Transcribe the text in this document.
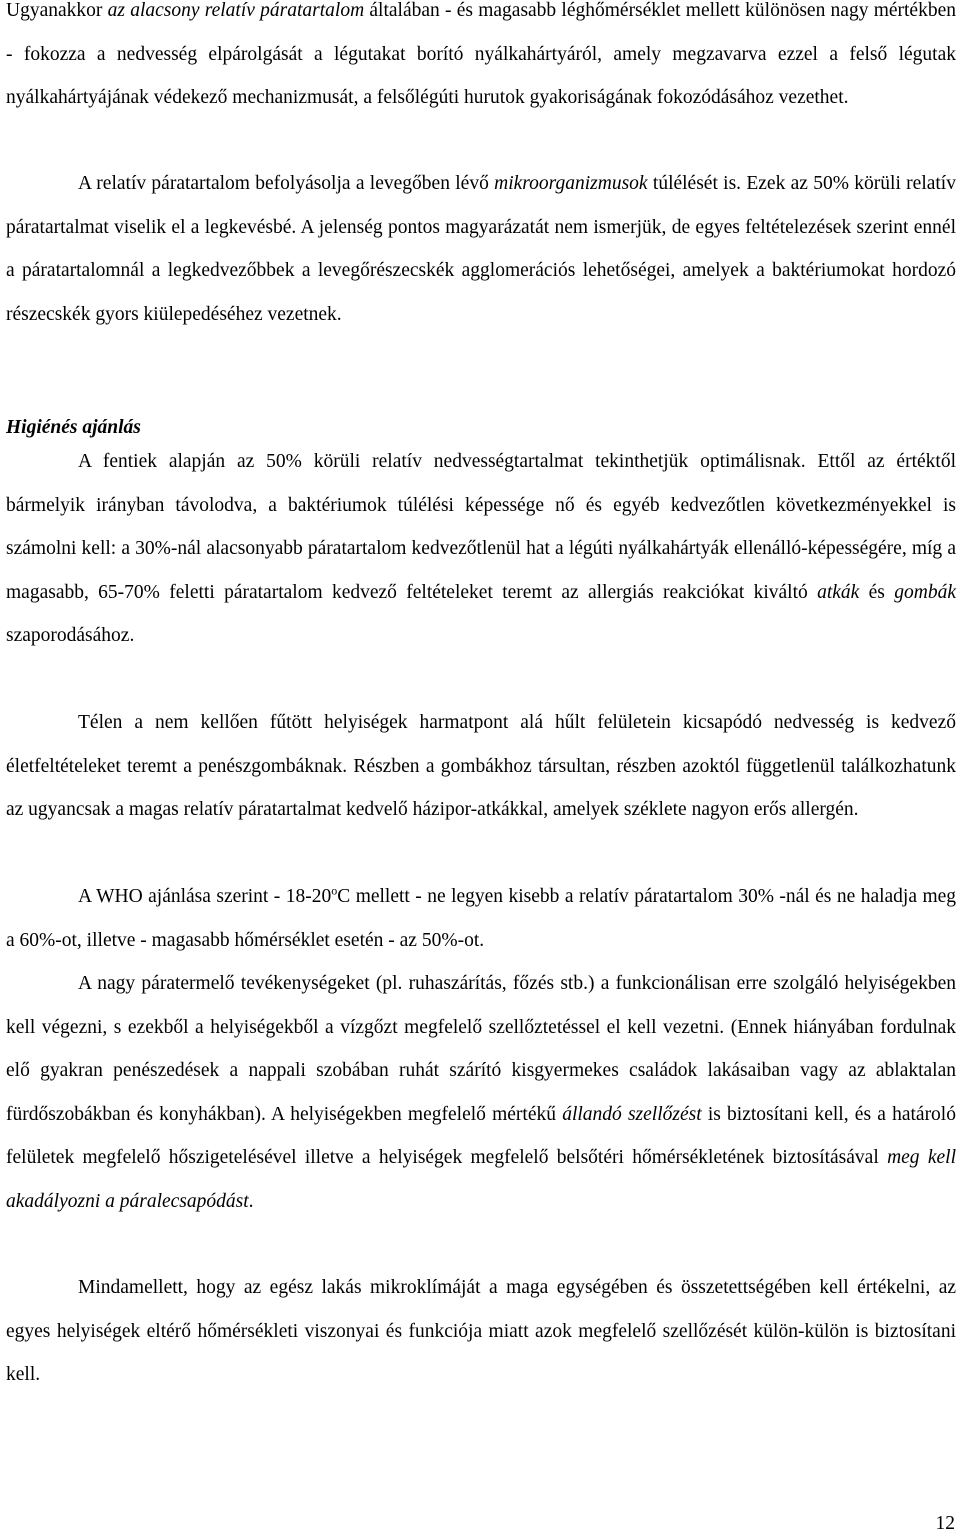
Ugyanakkor az alacsony relatív páratartalom általában - és magasabb léghőmérséklet mellett különösen nagy mértékben - fokozza a nedvesség elpárolgását a légutakat borító nyálkahártyáról, amely megzavarva ezzel a felső légutak nyálkahártyájának védekező mechanizmusát, a felsőlégúti hurutok gyakoriságának fokozódásához vezethet.

A relatív páratartalom befolyásolja a levegőben lévő mikroorganizmusok túlélését is. Ezek az 50% körüli relatív páratartalmat viselik el a legkevésbé. A jelenség pontos magyarázatát nem ismerjük, de egyes feltételezések szerint ennél a páratartalomnál a legkedvezőbbek a levegőrészecskék agglomerációs lehetőségei, amelyek a baktériumokat hordozó részecskék gyors kiülepedéséhez vezetnek.

Higiénés ajánlás

A fentiek alapján az 50% körüli relatív nedvességtartalmat tekinthetjük optimálisnak. Ettől az értéktől bármelyik irányban távolodva, a baktériumok túlélési képessége nő és egyéb kedvezőtlen következményekkel is számolni kell: a 30%-nál alacsonyabb páratartalom kedvezőtlenül hat a légúti nyálkahártyák ellenálló-képességére, míg a magasabb, 65-70% feletti páratartalom kedvező feltételeket teremt az allergiás reakciókat kiváltó atkák és gombák szaporodásához.

Télen a nem kellően fűtött helyiségek harmatpont alá hűlt felületein kicsapódó nedvesség is kedvező életfeltételeket teremt a penészgombáknak. Részben a gombákhoz társultan, részben azoktól függetlenül találkozhatunk az ugyancsak a magas relatív páratartalmat kedvelő házipor-atkákkal, amelyek széklete nagyon erős allergén.

A WHO ajánlása szerint - 18-20$^o$C mellett - ne legyen kisebb a relatív páratartalom 30% -nál és ne haladja meg a 60%-ot, illetve - magasabb hőmérséklet esetén - az 50%-ot.

A nagy páratermelő tevékenységeket (pl. ruhaszárítás, főzés stb.) a funkcionálisan erre szolgáló helyiségekben kell végezni, s ezekből a helyiségekből a vízgőzt megfelelő szellőztetéssel el kell vezetni. (Ennek hiányában fordulnak elő gyakran penészedések a nappali szobában ruhát szárító kisgyermekes családok lakásaiban vagy az ablaktalan fürdőszobákban és konyhákban). A helyiségekben megfelelő mértékű állandó szellőzést is biztosítani kell, és a határoló felületek megfelelő hőszigetelésével illetve a helyiségek megfelelő belsőtéri hőmérsékletének biztosításával meg kell akadályozni a páralecsapódást.

Mindamellett, hogy az egész lakás mikroklímáját a maga egységében és összetettségében kell értékelni, az egyes helyiségek eltérő hőmérsékleti viszonyai és funkciója miatt azok megfelelő szellőzését külön-külön is biztosítani kell.

12
